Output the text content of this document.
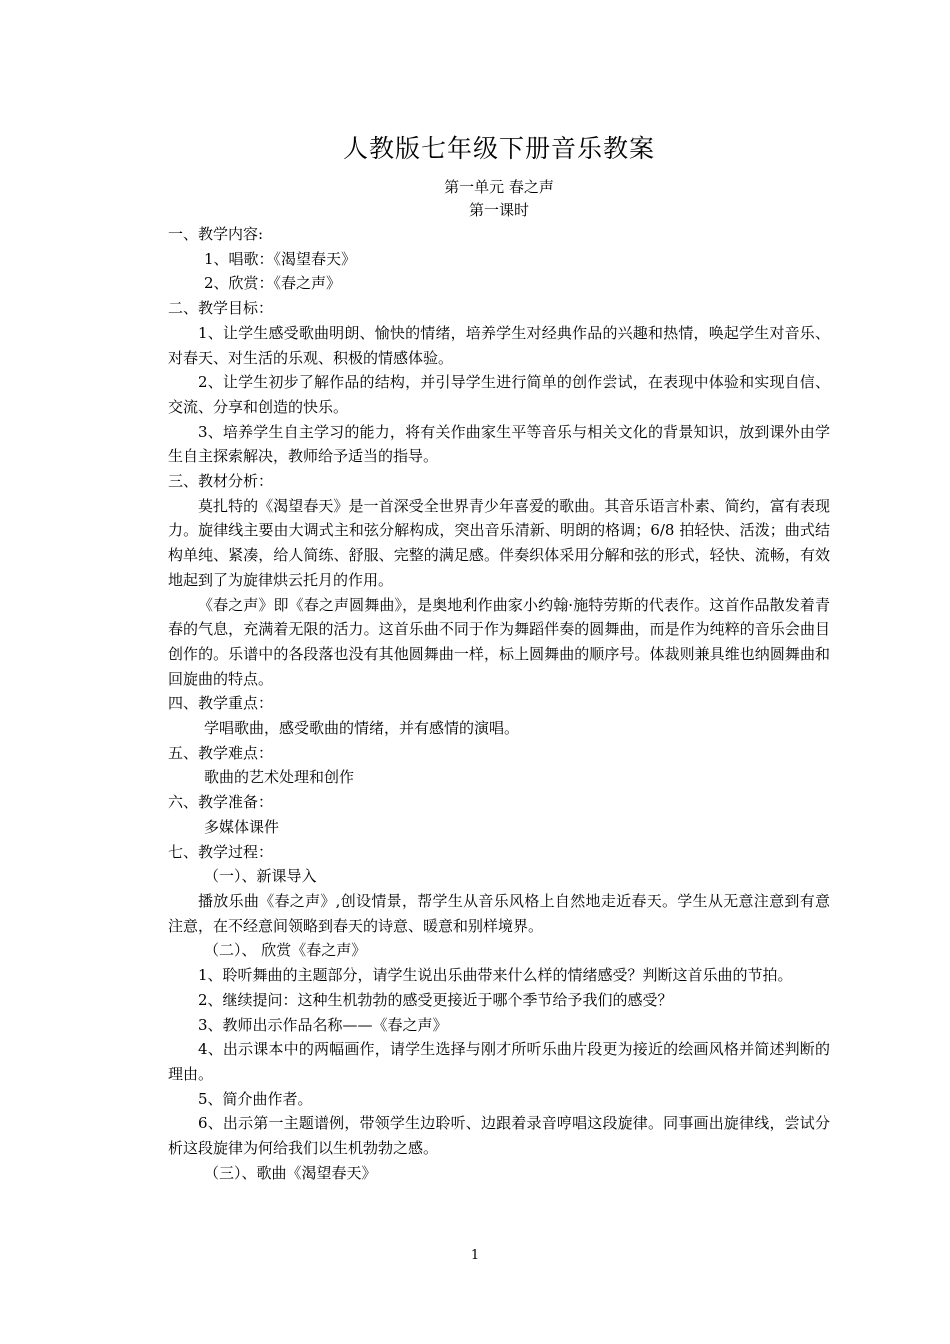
人教版七年级下册音乐教案

第一单元 春之声

第一课时

一、教学内容:

1、唱歌：《渴望春天》

2、欣赏：《春之声》

二、教学目标：

1、让学生感受歌曲明朗、愉快的情绪，培养学生对经典作品的兴趣和热情，唤起学生对音乐、对春天、对生活的乐观、积极的情感体验。

2、让学生初步了解作品的结构，并引导学生进行简单的创作尝试，在表现中体验和实现自信、交流、分享和创造的快乐。

3、培养学生自主学习的能力，将有关作曲家生平等音乐与相关文化的背景知识，放到课外由学生自主探索解决，教师给予适当的指导。

三、教材分析：

莫扎特的《渴望春天》是一首深受全世界青少年喜爱的歌曲。其音乐语言朴素、简约，富有表现力。旋律线主要由大调式主和弦分解构成，突出音乐清新、明朗的格调；6/8 拍轻快、活泼；曲式结构单纯、紧凑，给人简练、舒服、完整的满足感。伴奏织体采用分解和弦的形式，轻快、流畅，有效地起到了为旋律烘云托月的作用。

《春之声》即《春之声圆舞曲》，是奥地利作曲家小约翰·施特劳斯的代表作。这首作品散发着青春的气息，充满着无限的活力。这首乐曲不同于作为舞蹈伴奏的圆舞曲，而是作为纯粹的音乐会曲目创作的。乐谱中的各段落也没有其他圆舞曲一样，标上圆舞曲的顺序号。体裁则兼具维也纳圆舞曲和回旋曲的特点。

四、教学重点：

学唱歌曲，感受歌曲的情绪，并有感情的演唱。

五、教学难点：

歌曲的艺术处理和创作

六、教学准备：

多媒体课件

七、教学过程：

（一）、新课导入

播放乐曲《春之声》,创设情景，帮学生从音乐风格上自然地走近春天。学生从无意注意到有意注意，在不经意间领略到春天的诗意、暖意和别样境界。

（二）、 欣赏《春之声》

1、聆听舞曲的主题部分，请学生说出乐曲带来什么样的情绪感受？判断这首乐曲的节拍。

2、继续提问：这种生机勃勃的感受更接近于哪个季节给予我们的感受？

3、教师出示作品名称——《春之声》

4、出示课本中的两幅画作，请学生选择与刚才所听乐曲片段更为接近的绘画风格并简述判断的理由。

5、简介曲作者。

6、出示第一主题谱例，带领学生边聆听、边跟着录音哼唱这段旋律。同事画出旋律线，尝试分析这段旋律为何给我们以生机勃勃之感。

（三）、歌曲《渴望春天》

1
